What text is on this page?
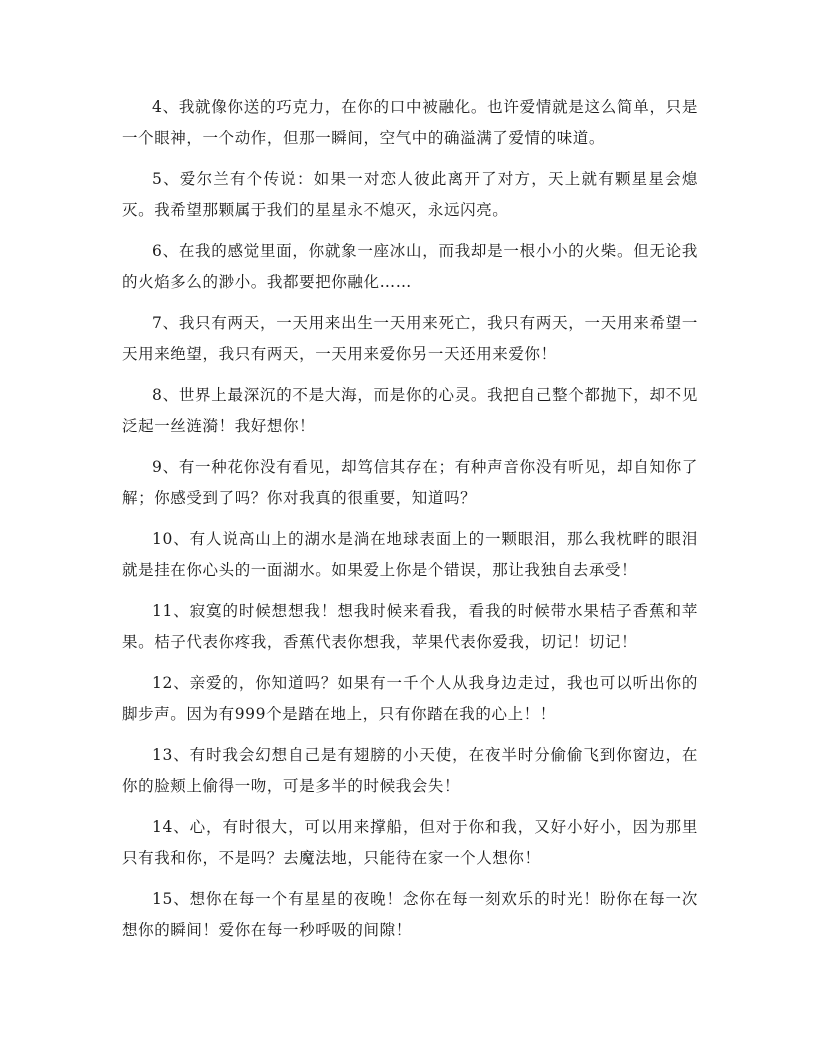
4、我就像你送的巧克力，在你的口中被融化。也许爱情就是这么简单，只是一个眼神，一个动作，但那一瞬间，空气中的确溢满了爱情的味道。

5、爱尔兰有个传说：如果一对恋人彼此离开了对方，天上就有颗星星会熄灭。我希望那颗属于我们的星星永不熄灭，永远闪亮。

6、在我的感觉里面，你就象一座冰山，而我却是一根小小的火柴。但无论我的火焰多么的渺小。我都要把你融化……

7、我只有两天，一天用来出生一天用来死亡，我只有两天，一天用来希望一天用来绝望，我只有两天，一天用来爱你另一天还用来爱你！

8、世界上最深沉的不是大海，而是你的心灵。我把自己整个都抛下，却不见泛起一丝涟漪！我好想你！

9、有一种花你没有看见，却笃信其存在；有种声音你没有听见，却自知你了解；你感受到了吗？你对我真的很重要，知道吗？

10、有人说高山上的湖水是淌在地球表面上的一颗眼泪，那么我枕畔的眼泪就是挂在你心头的一面湖水。如果爱上你是个错误，那让我独自去承受！

11、寂寞的时候想想我！想我时候来看我，看我的时候带水果桔子香蕉和苹果。桔子代表你疼我，香蕉代表你想我，苹果代表你爱我，切记！切记！

12、亲爱的，你知道吗？如果有一千个人从我身边走过，我也可以听出你的脚步声。因为有999个是踏在地上，只有你踏在我的心上！！

13、有时我会幻想自己是有翅膀的小天使，在夜半时分偷偷飞到你窗边，在你的脸颊上偷得一吻，可是多半的时候我会失！

14、心，有时很大，可以用来撑船，但对于你和我，又好小好小，因为那里只有我和你，不是吗？去魔法地，只能待在家一个人想你！

15、想你在每一个有星星的夜晚！念你在每一刻欢乐的时光！盼你在每一次想你的瞬间！爱你在每一秒呼吸的间隙！
